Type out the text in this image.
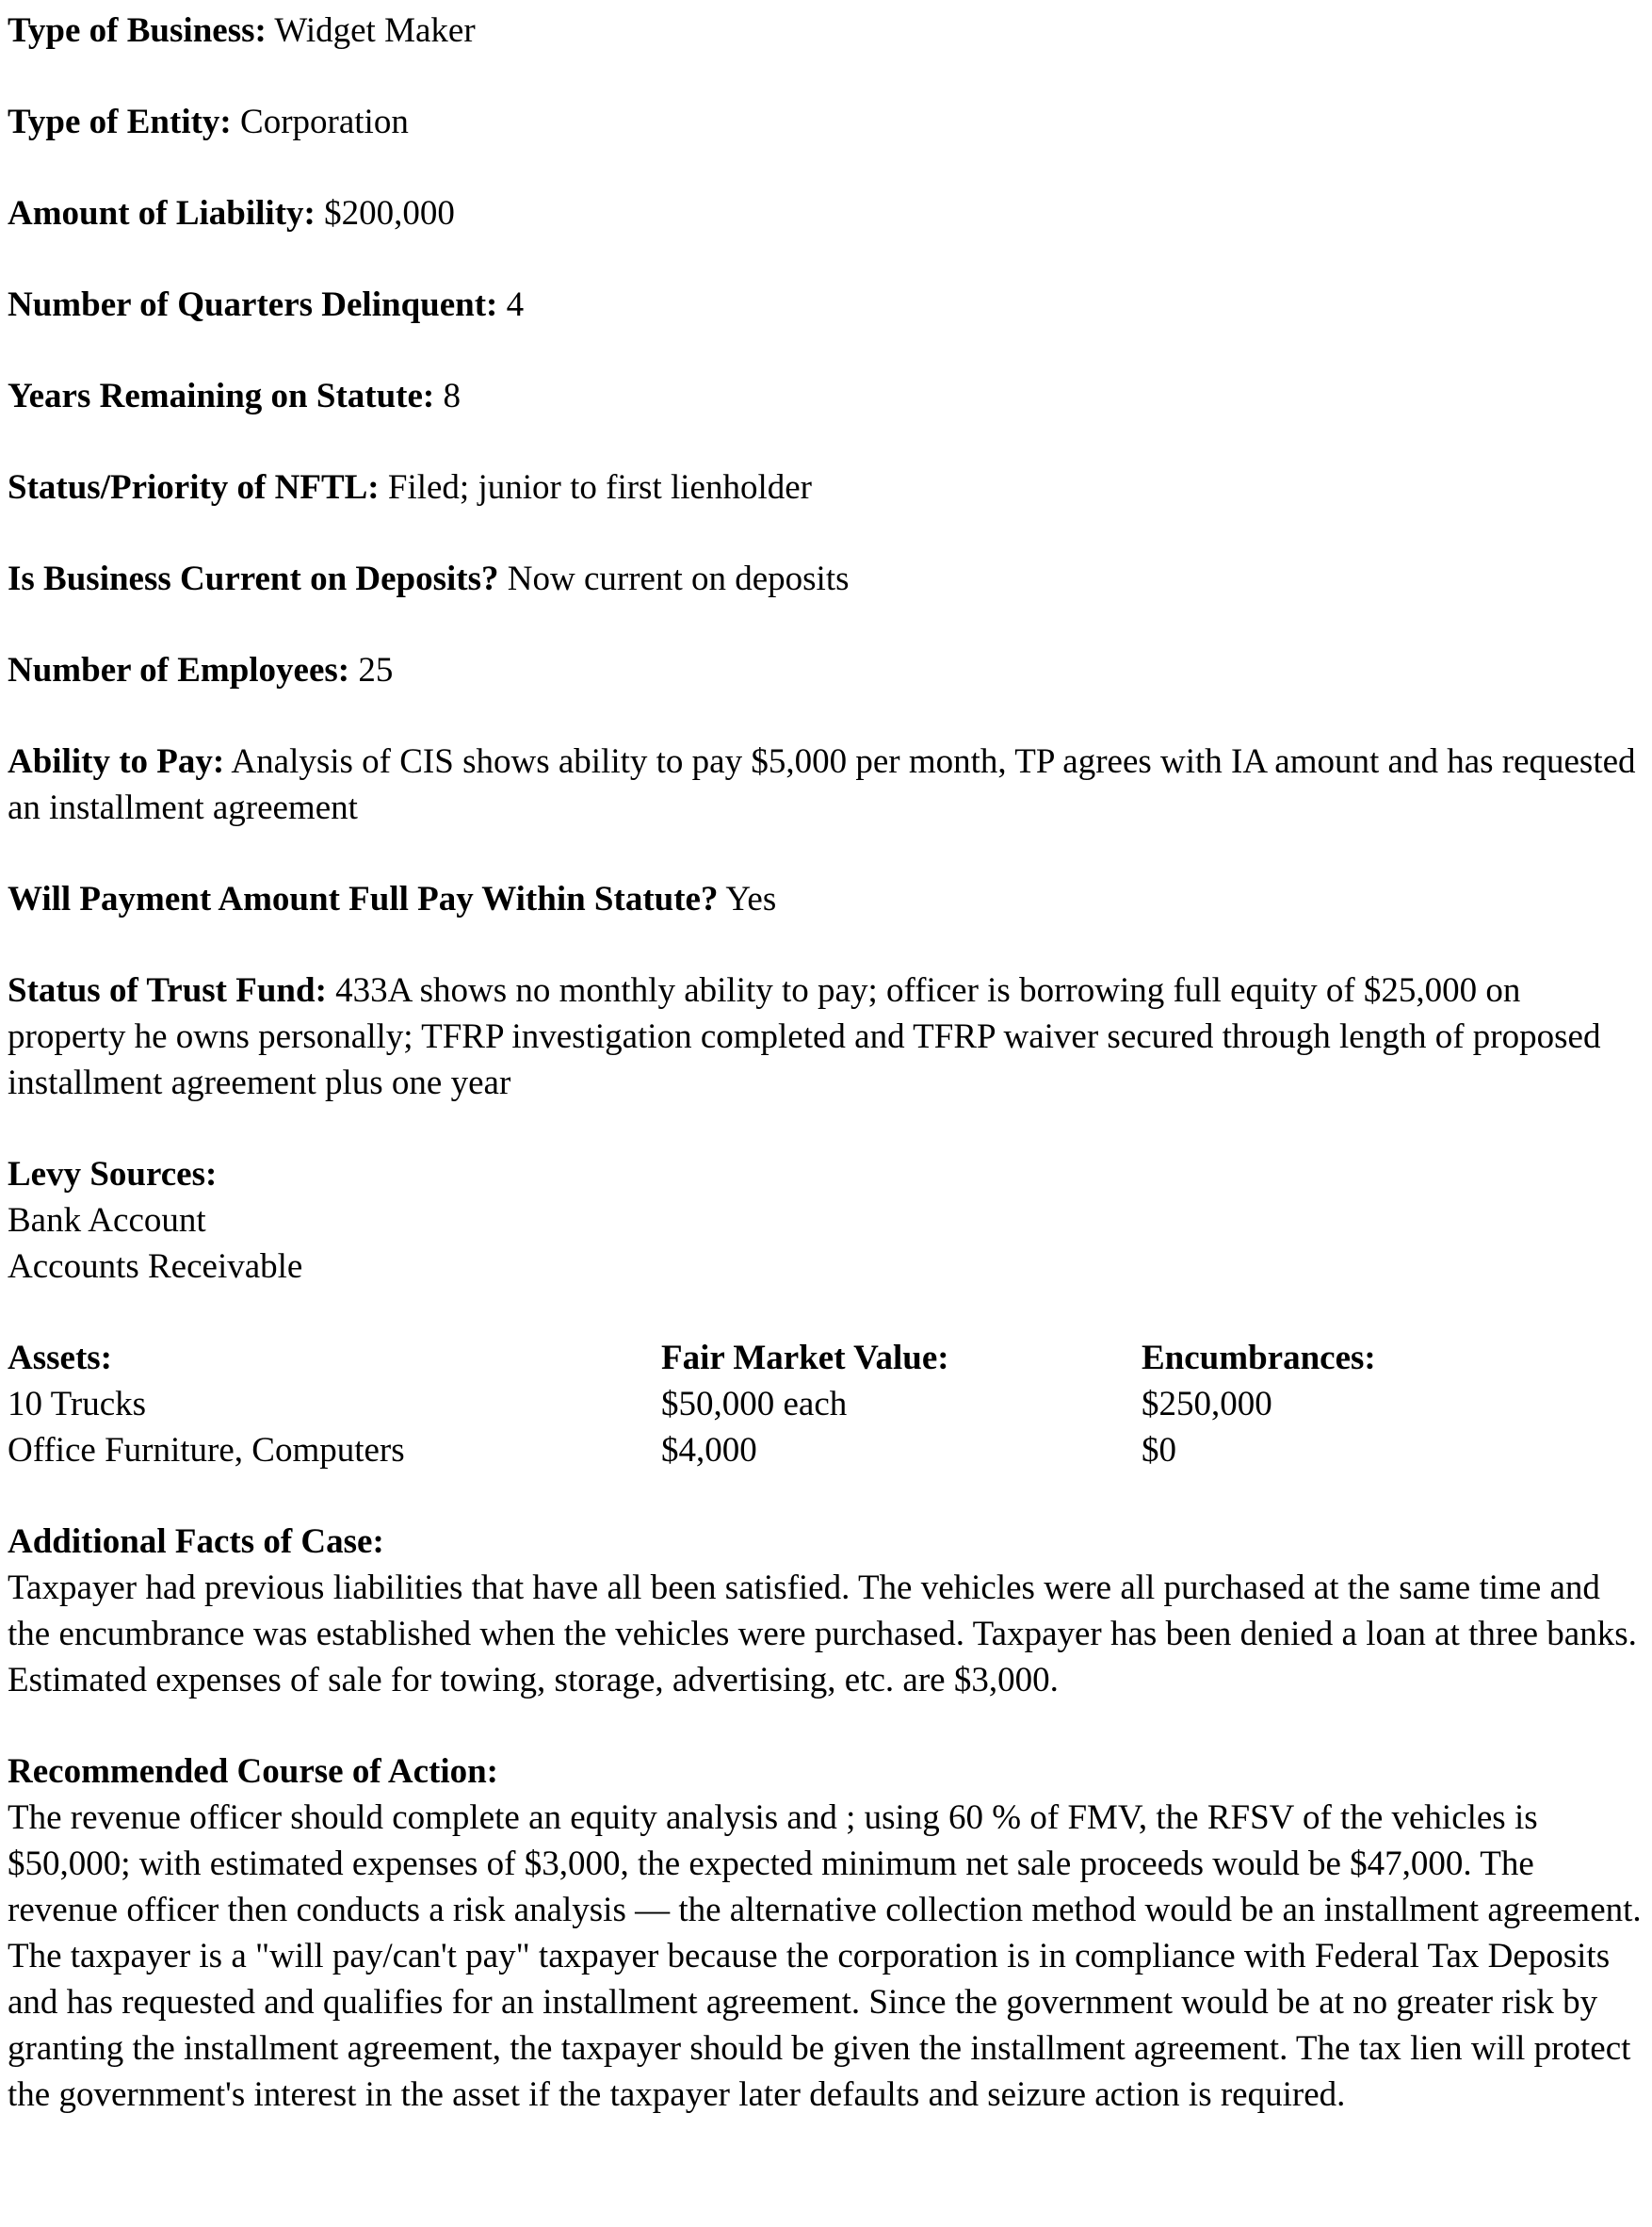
Type of Business: Widget Maker
Type of Entity: Corporation
Amount of Liability: $200,000
Number of Quarters Delinquent: 4
Years Remaining on Statute: 8
Status/Priority of NFTL: Filed; junior to first lienholder
Is Business Current on Deposits? Now current on deposits
Number of Employees: 25
Ability to Pay: Analysis of CIS shows ability to pay $5,000 per month, TP agrees with IA amount and has requested an installment agreement
Will Payment Amount Full Pay Within Statute? Yes
Status of Trust Fund: 433A shows no monthly ability to pay; officer is borrowing full equity of $25,000 on property he owns personally; TFRP investigation completed and TFRP waiver secured through length of proposed installment agreement plus one year
Levy Sources:
Bank Account
Accounts Receivable
Assets:	Fair Market Value:	Encumbrances:
10 Trucks	$50,000 each	$250,000
Office Furniture, Computers	$4,000	$0
Additional Facts of Case:

Taxpayer had previous liabilities that have all been satisfied. The vehicles were all purchased at the same time and the encumbrance was established when the vehicles were purchased. Taxpayer has been denied a loan at three banks. Estimated expenses of sale for towing, storage, advertising, etc. are $3,000.

Recommended Course of Action:

The revenue officer should complete an equity analysis and ; using 60 % of FMV, the RFSV of the vehicles is $50,000; with estimated expenses of $3,000, the expected minimum net sale proceeds would be $47,000. The revenue officer then conducts a risk analysis — the alternative collection method would be an installment agreement. The taxpayer is a "will pay/can't pay" taxpayer because the corporation is in compliance with Federal Tax Deposits and has requested and qualifies for an installment agreement. Since the government would be at no greater risk by granting the installment agreement, the taxpayer should be given the installment agreement. The tax lien will protect the government's interest in the asset if the taxpayer later defaults and seizure action is required.
